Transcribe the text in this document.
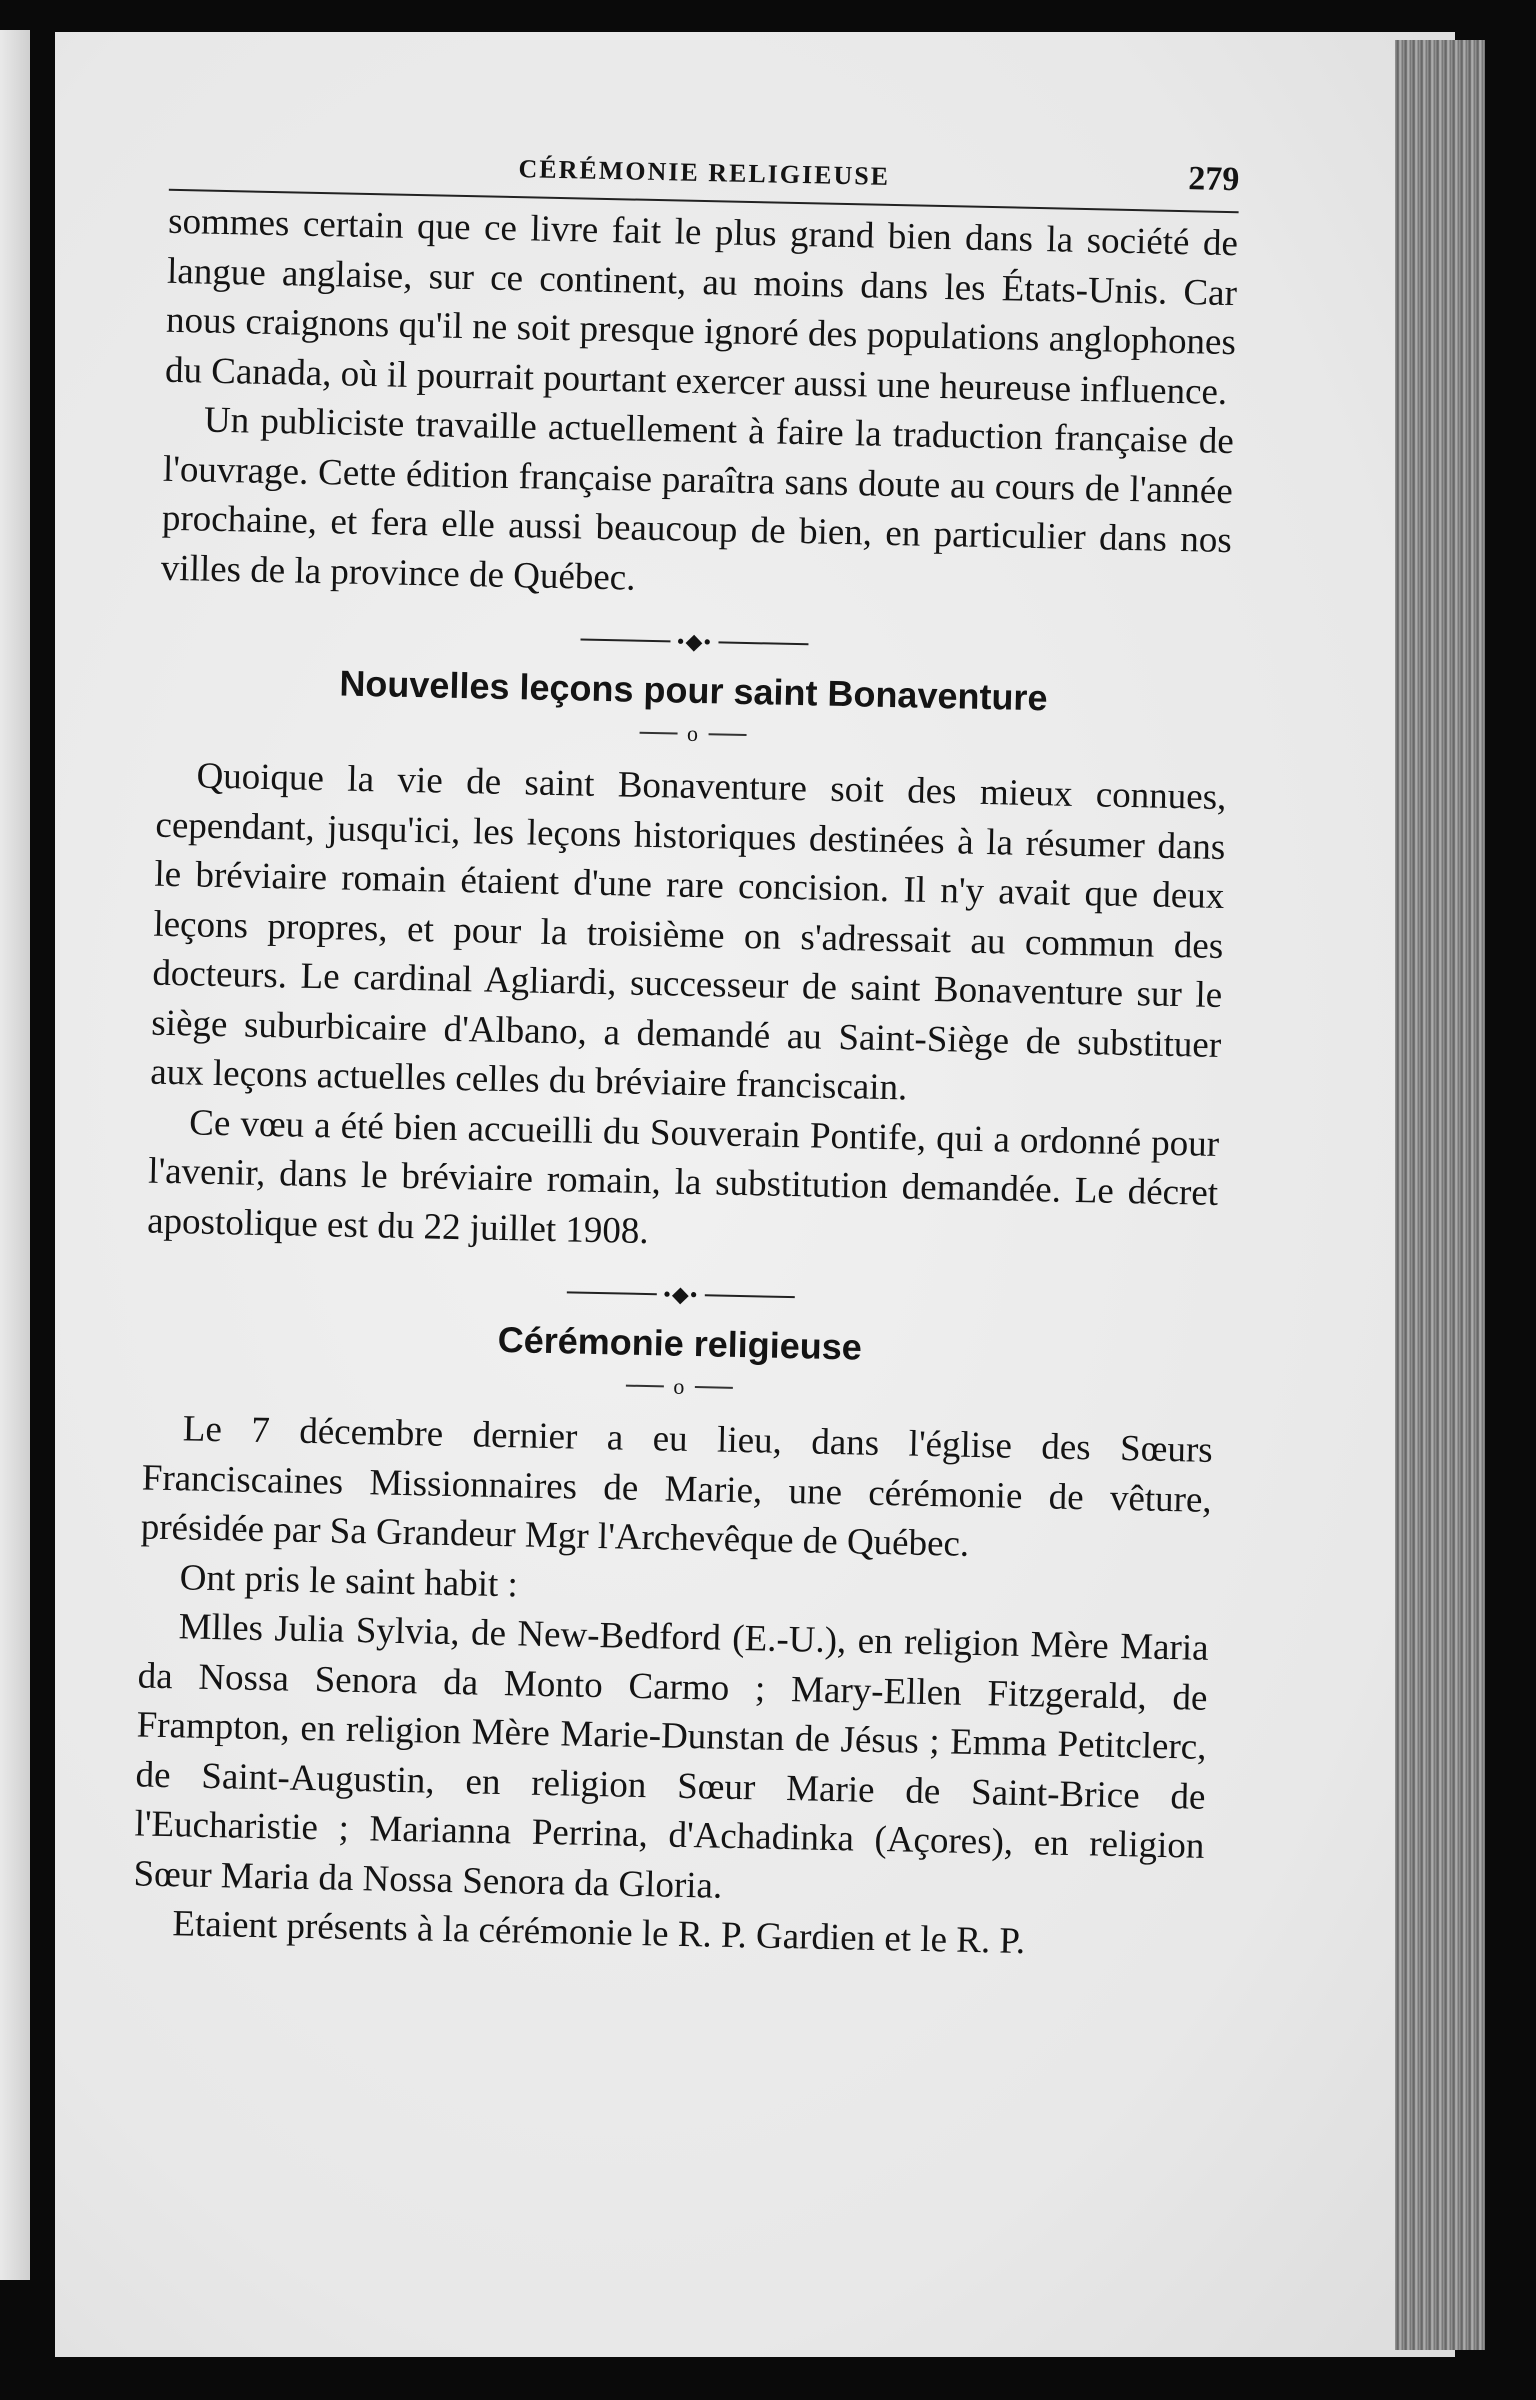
CÉRÉMONIE RELIGIEUSE	279

sommes certain que ce livre fait le plus grand bien dans la société de langue anglaise, sur ce continent, au moins dans les États-Unis. Car nous craignons qu'il ne soit presque ignoré des populations anglophones du Canada, où il pourrait pourtant exercer aussi une heureuse influence.

Un publiciste travaille actuellement à faire la traduction française de l'ouvrage. Cette édition française paraîtra sans doute au cours de l'année prochaine, et fera elle aussi beaucoup de bien, en particulier dans nos villes de la province de Québec.

•◆•
Nouvelles leçons pour saint Bonaventure
o

Quoique la vie de saint Bonaventure soit des mieux connues, cependant, jusqu'ici, les leçons historiques destinées à la résumer dans le bréviaire romain étaient d'une rare concision. Il n'y avait que deux leçons propres, et pour la troisième on s'adressait au commun des docteurs. Le cardinal Agliardi, successeur de saint Bonaventure sur le siège suburbicaire d'Albano, a demandé au Saint-Siège de substituer aux leçons actuelles celles du bréviaire franciscain.

Ce vœu a été bien accueilli du Souverain Pontife, qui a ordonné pour l'avenir, dans le bréviaire romain, la substitution demandée. Le décret apostolique est du 22 juillet 1908.

•◆•
Cérémonie religieuse
o

Le 7 décembre dernier a eu lieu, dans l'église des Sœurs Franciscaines Missionnaires de Marie, une cérémonie de vêture, présidée par Sa Grandeur Mgr l'Archevêque de Québec.

Ont pris le saint habit :

Mlles Julia Sylvia, de New-Bedford (E.-U.), en religion Mère Maria da Nossa Senora da Monto Carmo ; Mary-Ellen Fitzgerald, de Frampton, en religion Mère Marie-Dunstan de Jésus ; Emma Petitclerc, de Saint-Augustin, en religion Sœur Marie de Saint-Brice de l'Eucharistie ; Marianna Perrina, d'Achadinka (Açores), en religion Sœur Maria da Nossa Senora da Gloria.

Etaient présents à la cérémonie le R. P. Gardien et le R. P.
